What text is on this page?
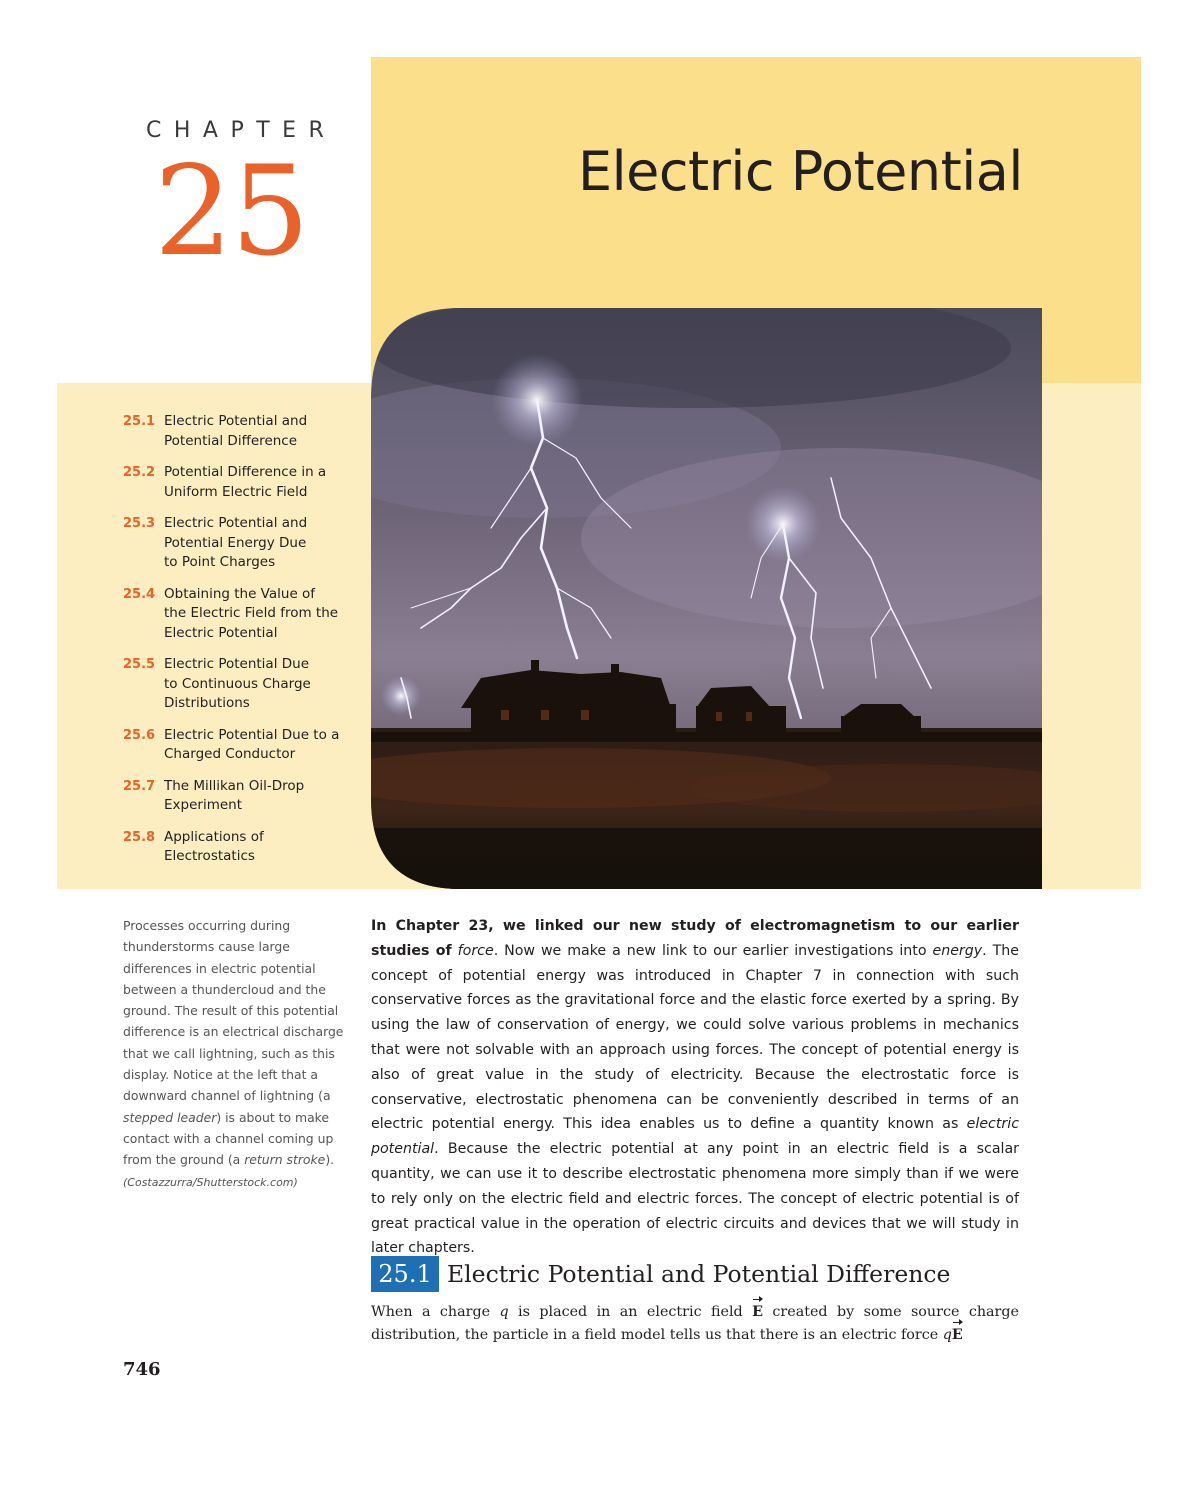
CHAPTER
25	Electric Potential
25.1 Electric Potential and
Potential Difference
25.2 Potential Difference in a
Uniform Electric Field
25.3 Electric Potential and
Potential Energy Due
to Point Charges
25.4 Obtaining the Value of
the Electric Field from the
Electric Potential
25.5 Electric Potential Due
to Continuous Charge
Distributions
25.6 Electric Potential Due to a
Charged Conductor
25.7 The Millikan Oil-Drop
Experiment
25.8 Applications of
Electrostatics
Processes occurring during thunderstorms cause large differences in electric potential between a thundercloud and the ground. The result of this potential difference is an electrical discharge that we call lightning, such as this display. Notice at the left that a downward channel of lightning (a stepped leader) is about to make contact with a channel coming up from the ground (a return stroke).
(Costazzurra/Shutterstock.com)
In Chapter 23, we linked our new study of electromagnetism to our earlier studies of force. Now we make a new link to our earlier investigations into energy. The concept of potential energy was introduced in Chapter 7 in connection with such conservative forces as the gravitational force and the elastic force exerted by a spring. By using the law of conservation of energy, we could solve various problems in mechanics that were not solvable with an approach using forces. The concept of potential energy is also of great value in the study of electricity. Because the electrostatic force is conservative, electrostatic phenomena can be conveniently described in terms of an electric potential energy. This idea enables us to define a quantity known as electric potential. Because the electric potential at any point in an electric field is a scalar quantity, we can use it to describe electrostatic phenomena more simply than if we were to rely only on the electric field and electric forces. The concept of electric potential is of great practical value in the operation of electric circuits and devices that we will study in later chapters.
25.1 Electric Potential and Potential Difference
When a charge q is placed in an electric field E created by some source charge distribution, the particle in a field model tells us that there is an electric force qE
746
